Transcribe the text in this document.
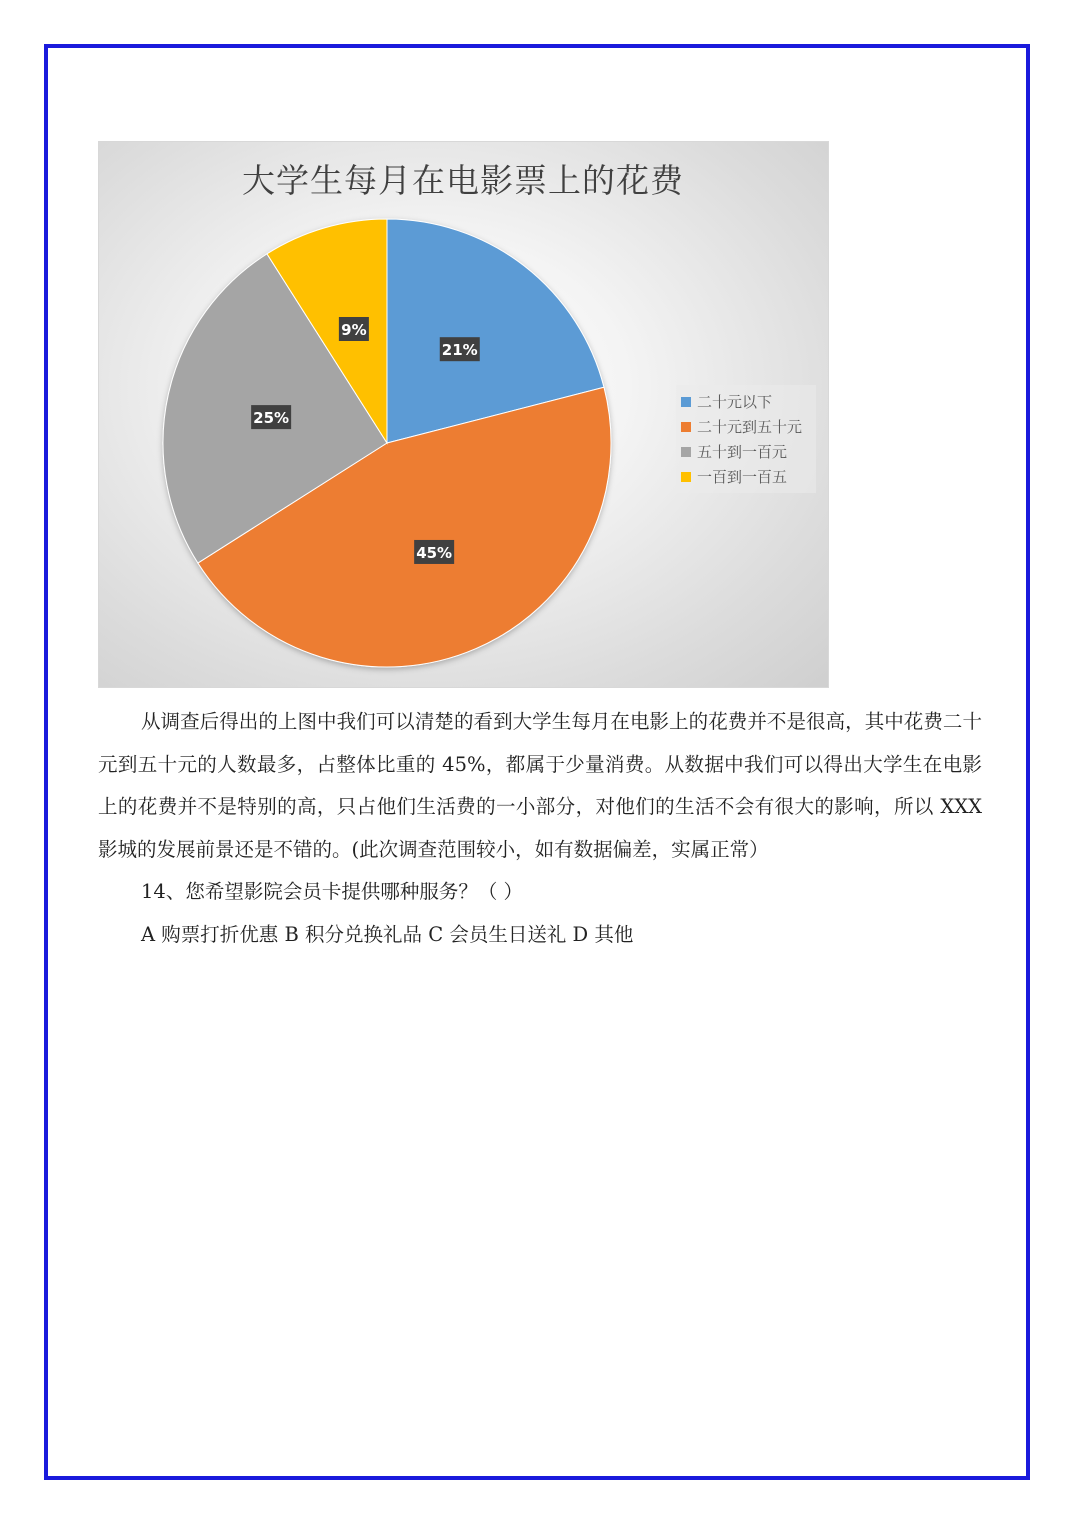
大学生每月在电影票上的花费
21%
45%
25%
9%
二十元以下
二十元到五十元
五十到一百元
一百到一百五

从调查后得出的上图中我们可以清楚的看到大学生每月在电影上的花费并不是很高，其中花费二十元到五十元的人数最多，占整体比重的 45%，都属于少量消费。从数据中我们可以得出大学生在电影上的花费并不是特别的高，只占他们生活费的一小部分，对他们的生活不会有很大的影响，所以 XXX 影城的发展前景还是不错的。(此次调查范围较小，如有数据偏差，实属正常）

14、您希望影院会员卡提供哪种服务？（ ）

A 购票打折优惠 B 积分兑换礼品 C 会员生日送礼 D 其他
